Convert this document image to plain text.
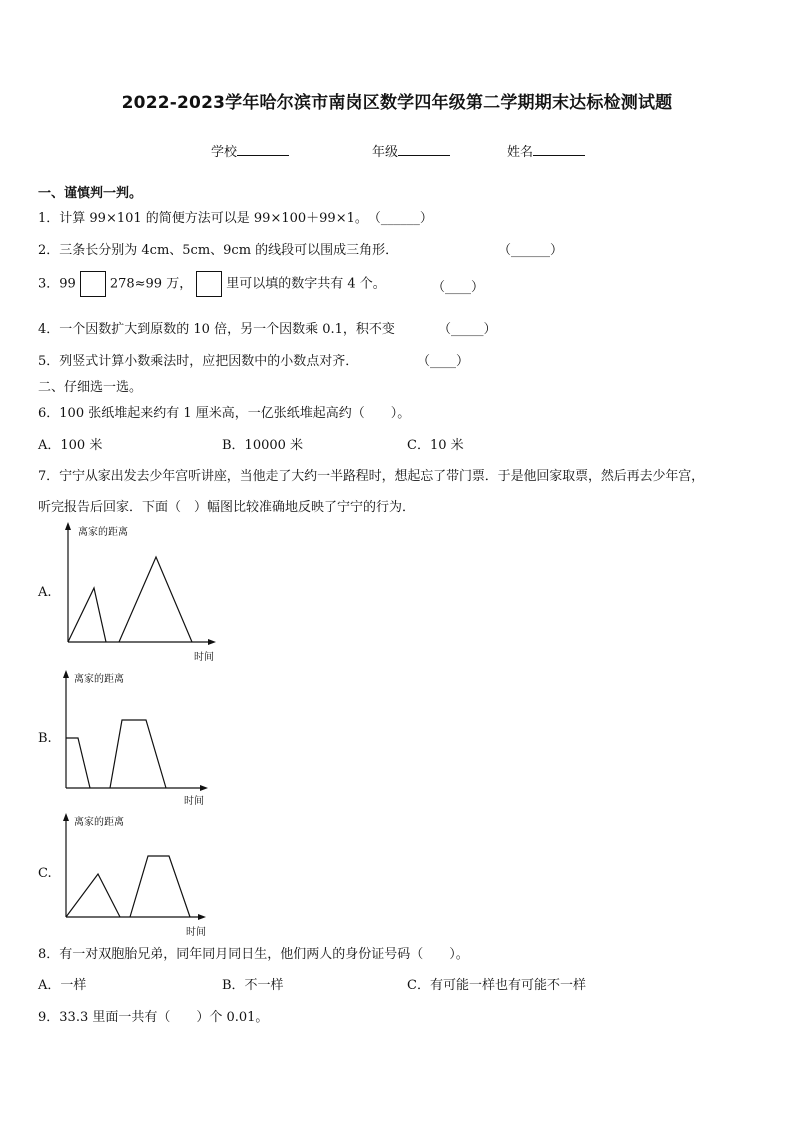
2022-2023学年哈尔滨市南岗区数学四年级第二学期期末达标检测试题
学校	年级	姓名
一、谨慎判一判。
1．计算 99×101 的简便方法可以是 99×100＋99×1。（______）
2．三条长分别为 4cm、5cm、9cm 的线段可以围成三角形．	（______）
3．99	278≈99 万，	里可以填的数字共有 4 个。	（____）
4．一个因数扩大到原数的 10 倍，另一个因数乘 0.1，积不变	（_____）
5．列竖式计算小数乘法时，应把因数中的小数点对齐．	（____）
二、仔细选一选。
6．100 张纸堆起来约有 1 厘米高，一亿张纸堆起高约（　　）。
A．100 米	B．10000 米	C．10 米
7．宁宁从家出发去少年宫听讲座，当他走了大约一半路程时，想起忘了带门票．于是他回家取票，然后再去少年宫，
听完报告后回家．下面（　）幅图比较准确地反映了宁宁的行为．
A.
离家的距离
时间
B.
离家的距离
时间
C.
离家的距离
时间
8．有一对双胞胎兄弟，同年同月同日生，他们两人的身份证号码（　　）。
A．一样	B．不一样	C．有可能一样也有可能不一样
9．33.3 里面一共有（　　）个 0.01。
